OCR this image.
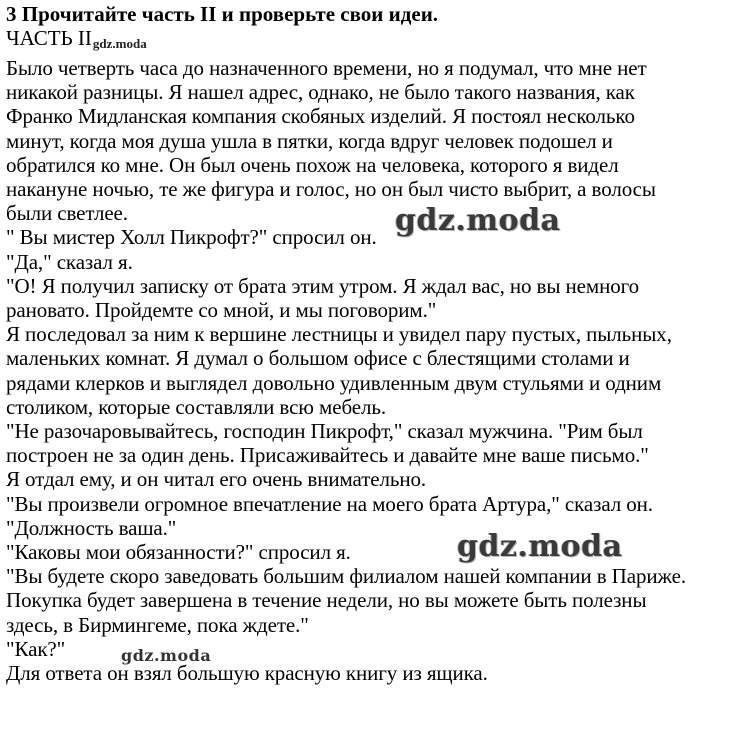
3 Прочитайте часть II и проверьте свои идеи.
ЧАСТЬ IIgdz.moda
Было четверть часа до назначенного времени, но я подумал, что мне нет
никакой разницы. Я нашел адрес, однако, не было такого названия, как
Франко Мидланская компания скобяных изделий. Я постоял несколько
минут, когда моя душа ушла в пятки, когда вдруг человек подошел и
обратился ко мне. Он был очень похож на человека, которого я видел
накануне ночью, те же фигура и голос, но он был чисто выбрит, а волосы
были светлее.
" Вы мистер Холл Пикрофт?" спросил он.
"Да," сказал я.
"О! Я получил записку от брата этим утром. Я ждал вас, но вы немного
рановато. Пройдемте со мной, и мы поговорим."
Я последовал за ним к вершине лестницы и увидел пару пустых, пыльных,
маленьких комнат. Я думал о большом офисе с блестящими столами и
рядами клерков и выглядел довольно удивленным двум стульями и одним
столиком, которые составляли всю мебель.
"Не разочаровывайтесь, господин Пикрофт," сказал мужчина. "Рим был
построен не за один день. Присаживайтесь и давайте мне ваше письмо."
Я отдал ему, и он читал его очень внимательно.
"Вы произвели огромное впечатление на моего брата Артура," сказал он.
"Должность ваша."
"Каковы мои обязанности?" спросил я.
"Вы будете скоро заведовать большим филиалом нашей компании в Париже.
Покупка будет завершена в течение недели, но вы можете быть полезны
здесь, в Бирмингеме, пока ждете."
"Как?"
Для ответа он взял большую красную книгу из ящика.
gdz.moda
gdz.moda
gdz.moda
